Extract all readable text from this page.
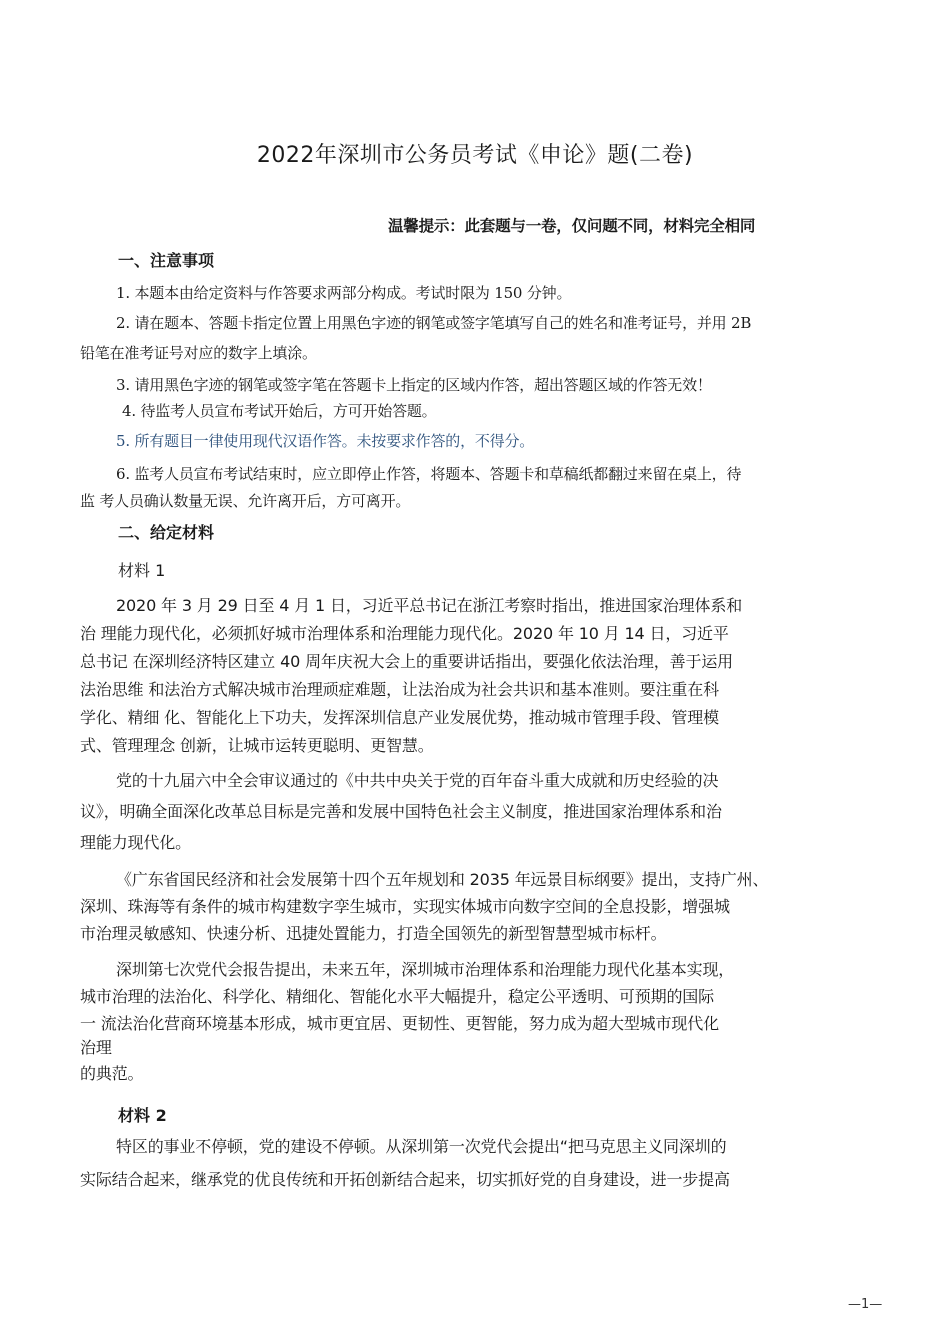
2022年深圳市公务员考试《申论》题(二卷)
温馨提示：此套题与一卷，仅问题不同，材料完全相同
一、注意事项
1. 本题本由给定资料与作答要求两部分构成。考试时限为 150 分钟。
2. 请在题本、答题卡指定位置上用黑色字迹的钢笔或签字笔填写自己的姓名和准考证号，并用 2B
铅笔在准考证号对应的数字上填涂。
3. 请用黑色字迹的钢笔或签字笔在答题卡上指定的区域内作答，超出答题区域的作答无效！
4. 待监考人员宣布考试开始后，方可开始答题。
5. 所有题目一律使用现代汉语作答。未按要求作答的，不得分。
6. 监考人员宣布考试结束时，应立即停止作答，将题本、答题卡和草稿纸都翻过来留在桌上，待
监 考人员确认数量无误、允许离开后，方可离开。
二、给定材料
材料 1
2020 年 3 月 29 日至 4 月 1 日，习近平总书记在浙江考察时指出，推进国家治理体系和
治 理能力现代化，必须抓好城市治理体系和治理能力现代化。2020 年 10 月 14 日，习近平
总书记 在深圳经济特区建立 40 周年庆祝大会上的重要讲话指出，要强化依法治理，善于运用
法治思维 和法治方式解决城市治理顽症难题，让法治成为社会共识和基本准则。要注重在科
学化、精细 化、智能化上下功夫，发挥深圳信息产业发展优势，推动城市管理手段、管理模
式、管理理念 创新，让城市运转更聪明、更智慧。
党的十九届六中全会审议通过的《中共中央关于党的百年奋斗重大成就和历史经验的决
议》，明确全面深化改革总目标是完善和发展中国特色社会主义制度，推进国家治理体系和治
理能力现代化。
《广东省国民经济和社会发展第十四个五年规划和 2035 年远景目标纲要》提出，支持广州、
深圳、珠海等有条件的城市构建数字孪生城市，实现实体城市向数字空间的全息投影，增强城
市治理灵敏感知、快速分析、迅捷处置能力，打造全国领先的新型智慧型城市标杆。
深圳第七次党代会报告提出，未来五年，深圳城市治理体系和治理能力现代化基本实现，
城市治理的法治化、科学化、精细化、智能化水平大幅提升，稳定公平透明、可预期的国际
一 流法治化营商环境基本形成，城市更宜居、更韧性、更智能，努力成为超大型城市现代化
治理
的典范。
材料 2
特区的事业不停顿，党的建设不停顿。从深圳第一次党代会提出“把马克思主义同深圳的
实际结合起来，继承党的优良传统和开拓创新结合起来，切实抓好党的自身建设，进一步提高
—1—
